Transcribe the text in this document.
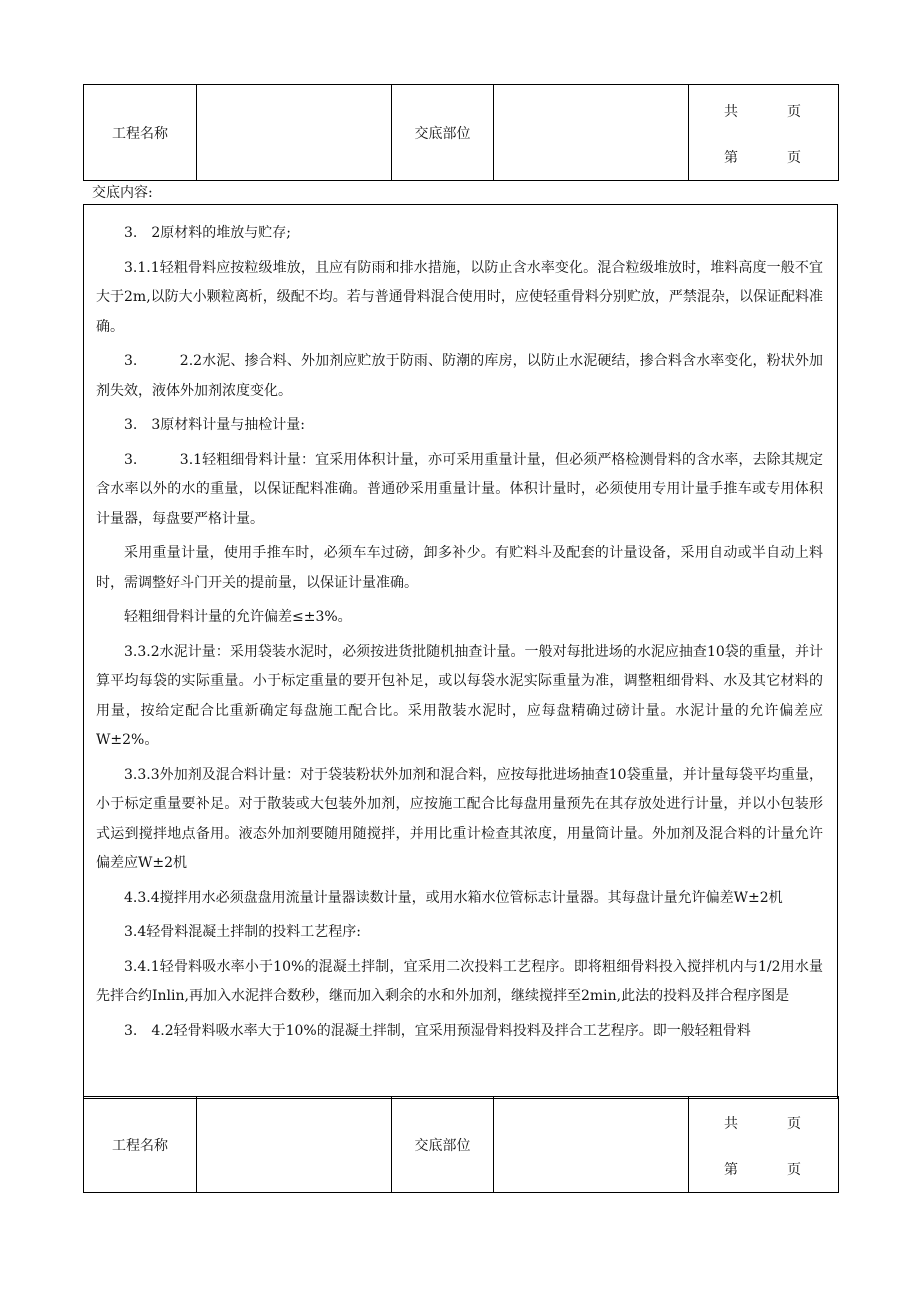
工程名称		交底部位		
共	页
第	页
交底内容:

3.　2原材料的堆放与贮存;

3.1.1轻粗骨料应按粒级堆放，且应有防雨和排水措施，以防止含水率变化。混合粒级堆放时，堆料高度一般不宜大于2m,以防大小颗粒离析，级配不均。若与普通骨料混合使用时，应使轻重骨料分别贮放，严禁混杂，以保证配料准确。

3.　　　2.2水泥、掺合料、外加剂应贮放于防雨、防潮的库房，以防止水泥硬结，掺合料含水率变化，粉状外加剂失效，液体外加剂浓度变化。

3.　3原材料计量与抽检计量:

3.　　　3.1轻粗细骨料计量：宜采用体积计量，亦可采用重量计量，但必须严格检测骨料的含水率，去除其规定含水率以外的水的重量，以保证配料准确。普通砂采用重量计量。体积计量时，必须使用专用计量手推车或专用体积计量器，每盘要严格计量。

采用重量计量，使用手推车时，必须车车过磅，卸多补少。有贮料斗及配套的计量设备，采用自动或半自动上料时，需调整好斗门开关的提前量，以保证计量准确。

轻粗细骨料计量的允许偏差≤±3%。

3.3.2水泥计量：采用袋装水泥时，必须按进货批随机抽查计量。一般对每批进场的水泥应抽查10袋的重量，并计算平均每袋的实际重量。小于标定重量的要开包补足，或以每袋水泥实际重量为准，调整粗细骨料、水及其它材料的用量，按给定配合比重新确定每盘施工配合比。采用散装水泥时，应每盘精确过磅计量。水泥计量的允许偏差应W±2%。

3.3.3外加剂及混合料计量：对于袋装粉状外加剂和混合料，应按每批进场抽查10袋重量，并计量每袋平均重量，小于标定重量要补足。对于散装或大包装外加剂，应按施工配合比每盘用量预先在其存放处进行计量，并以小包装形式运到搅拌地点备用。液态外加剂要随用随搅拌，并用比重计检查其浓度，用量筒计量。外加剂及混合料的计量允许偏差应W±2机

4.3.4搅拌用水必须盘盘用流量计量器读数计量，或用水箱水位管标志计量器。其每盘计量允许偏差W±2机

3.4轻骨料混凝土拌制的投料工艺程序:

3.4.1轻骨料吸水率小于10%的混凝土拌制，宜采用二次投料工艺程序。即将粗细骨料投入搅拌机内与1/2用水量先拌合约Inlin,再加入水泥拌合数秒，继而加入剩余的水和外加剂，继续搅拌至2min,此法的投料及拌合程序图是

3.　4.2轻骨料吸水率大于10%的混凝土拌制，宜采用预湿骨料投料及拌合工艺程序。即一般轻粗骨料

工程名称		交底部位		
共	页
第	页
